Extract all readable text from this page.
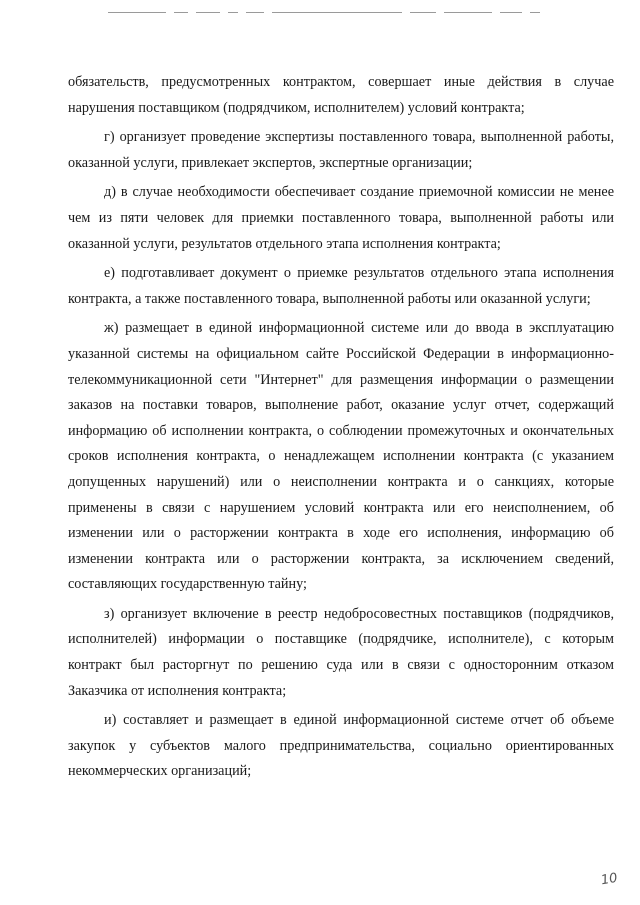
обязательств, предусмотренных контрактом, совершает иные действия в случае нарушения поставщиком (подрядчиком, исполнителем) условий контракта;

г) организует проведение экспертизы поставленного товара, выполненной работы, оказанной услуги, привлекает экспертов, экспертные организации;

д) в случае необходимости обеспечивает создание приемочной комиссии не менее чем из пяти человек для приемки поставленного товара, выполненной работы или оказанной услуги, результатов отдельного этапа исполнения контракта;

е) подготавливает документ о приемке результатов отдельного этапа исполнения контракта, а также поставленного товара, выполненной работы или оказанной услуги;

ж) размещает в единой информационной системе или до ввода в эксплуатацию указанной системы на официальном сайте Российской Федерации в информационно-телекоммуникационной сети "Интернет" для размещения информации о размещении заказов на поставки товаров, выполнение работ, оказание услуг отчет, содержащий информацию об исполнении контракта, о соблюдении промежуточных и окончательных сроков исполнения контракта, о ненадлежащем исполнении контракта (с указанием допущенных нарушений) или о неисполнении контракта и о санкциях, которые применены в связи с нарушением условий контракта или его неисполнением, об изменении или о расторжении контракта в ходе его исполнения, информацию об изменении контракта или о расторжении контракта, за исключением сведений, составляющих государственную тайну;

з) организует включение в реестр недобросовестных поставщиков (подрядчиков, исполнителей) информации о поставщике (подрядчике, исполнителе), с которым контракт был расторгнут по решению суда или в связи с односторонним отказом Заказчика от исполнения контракта;

и) составляет и размещает в единой информационной системе отчет об объеме закупок у субъектов малого предпринимательства, социально ориентированных некоммерческих организаций;

10
